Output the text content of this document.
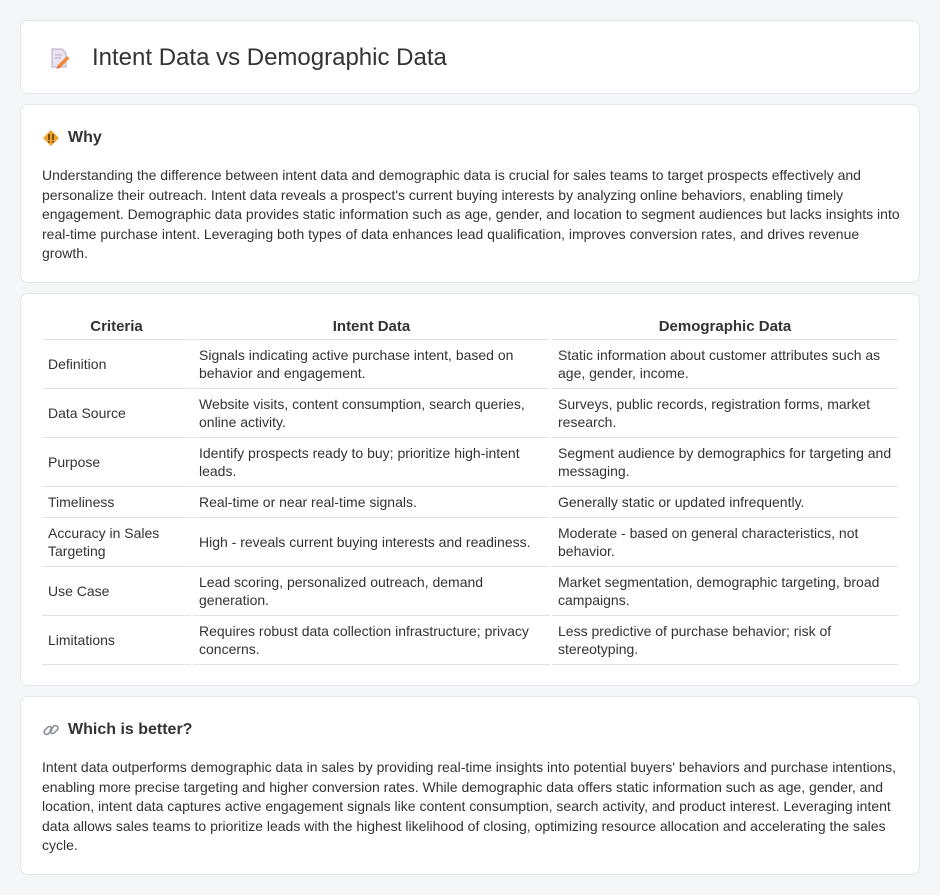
Intent Data vs Demographic Data
Why

Understanding the difference between intent data and demographic data is crucial for sales teams to target prospects effectively and personalize their outreach. Intent data reveals a prospect's current buying interests by analyzing online behaviors, enabling timely engagement. Demographic data provides static information such as age, gender, and location to segment audiences but lacks insights into real-time purchase intent. Leveraging both types of data enhances lead qualification, improves conversion rates, and drives revenue growth.

Criteria	Intent Data	Demographic Data
Definition	Signals indicating active purchase intent, based on behavior and engagement.	Static information about customer attributes such as age, gender, income.
Data Source	Website visits, content consumption, search queries, online activity.	Surveys, public records, registration forms, market research.
Purpose	Identify prospects ready to buy; prioritize high-intent leads.	Segment audience by demographics for targeting and messaging.
Timeliness	Real-time or near real-time signals.	Generally static or updated infrequently.
Accuracy in Sales Targeting	High - reveals current buying interests and readiness.	Moderate - based on general characteristics, not behavior.
Use Case	Lead scoring, personalized outreach, demand generation.	Market segmentation, demographic targeting, broad campaigns.
Limitations	Requires robust data collection infrastructure; privacy concerns.	Less predictive of purchase behavior; risk of stereotyping.
Which is better?

Intent data outperforms demographic data in sales by providing real-time insights into potential buyers' behaviors and purchase intentions, enabling more precise targeting and higher conversion rates. While demographic data offers static information such as age, gender, and location, intent data captures active engagement signals like content consumption, search activity, and product interest. Leveraging intent data allows sales teams to prioritize leads with the highest likelihood of closing, optimizing resource allocation and accelerating the sales cycle.
